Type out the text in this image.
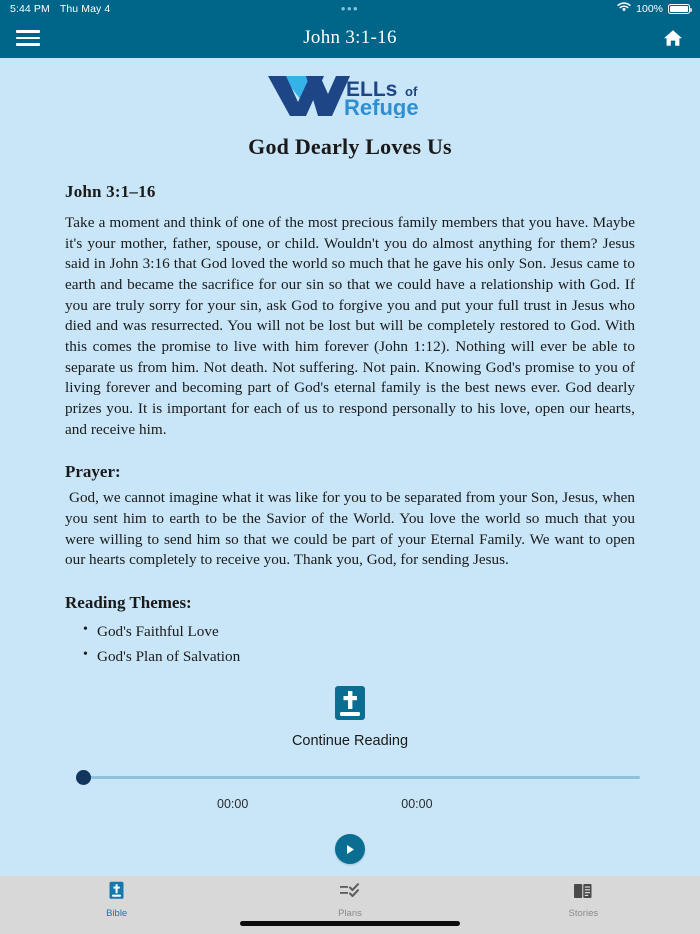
5:44 PM Thu May 4	•••	100%
John 3:1-16
ELLs of
Refuge
God Dearly Loves Us
John 3:1–16

Take a moment and think of one of the most precious family members that you have. Maybe it's your mother, father, spouse, or child. Wouldn't you do almost anything for them? Jesus said in John 3:16 that God loved the world so much that he gave his only Son. Jesus came to earth and became the sacrifice for our sin so that we could have a relationship with God. If you are truly sorry for your sin, ask God to forgive you and put your full trust in Jesus who died and was resurrected. You will not be lost but will be completely restored to God. With this comes the promise to live with him forever (John 1:12). Nothing will ever be able to separate us from him. Not death. Not suffering. Not pain. Knowing God's promise to you of living forever and becoming part of God's eternal family is the best news ever. God dearly prizes you. It is important for each of us to respond personally to his love, open our hearts, and receive him.

Prayer:

God, we cannot imagine what it was like for you to be separated from your Son, Jesus, when you sent him to earth to be the Savior of the World. You love the world so much that you were willing to send him so that we could be part of your Eternal Family. We want to open our hearts completely to receive you. Thank you, God, for sending Jesus.

Reading Themes:
• God's Faithful Love
• God's Plan of Salvation
Continue Reading
00:00	00:00
Bible	Plans	Stories
